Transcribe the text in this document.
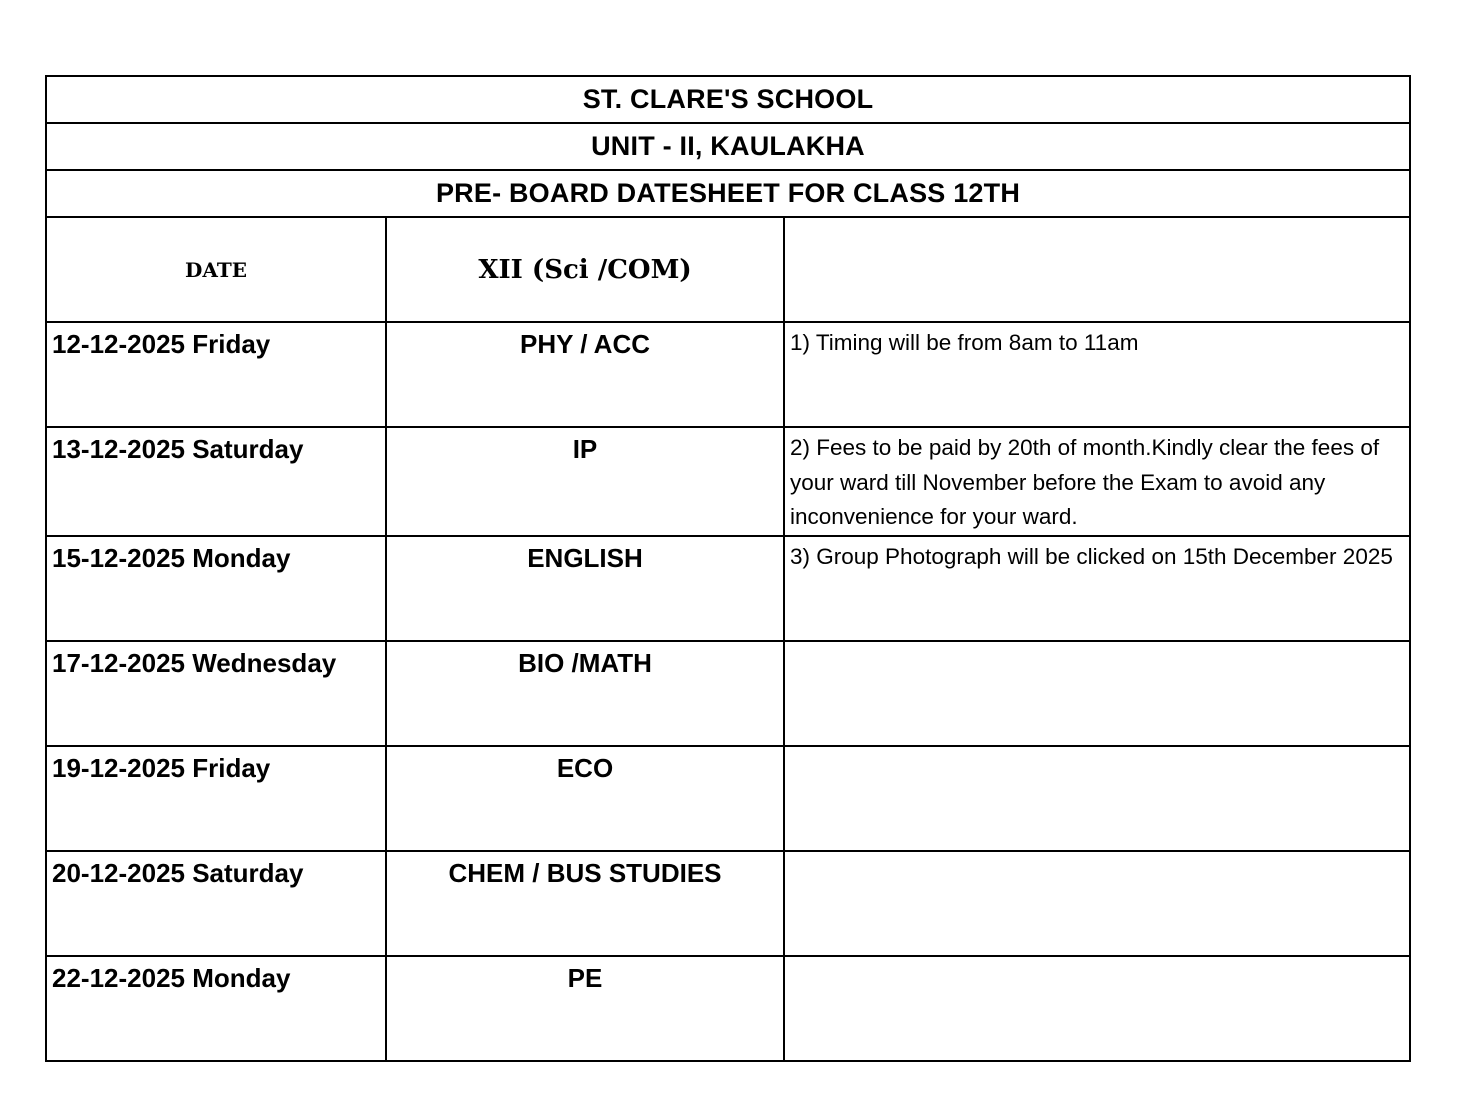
ST. CLARE'S SCHOOL		
UNIT - II, KAULAKHA		
PRE- BOARD DATESHEET FOR CLASS 12TH		
DATE	XII (Sci /COM)	
12-12-2025 Friday	PHY / ACC	1) Timing will be from 8am to 11am
13-12-2025 Saturday	IP	2) Fees to be paid by 20th of month.Kindly clear the fees of your ward till November before the Exam to avoid any inconvenience for your ward.
15-12-2025 Monday	ENGLISH	3) Group Photograph will be clicked on 15th December 2025
17-12-2025 Wednesday	BIO /MATH	
19-12-2025 Friday	ECO	
20-12-2025 Saturday	CHEM / BUS STUDIES	
22-12-2025 Monday	PE	
